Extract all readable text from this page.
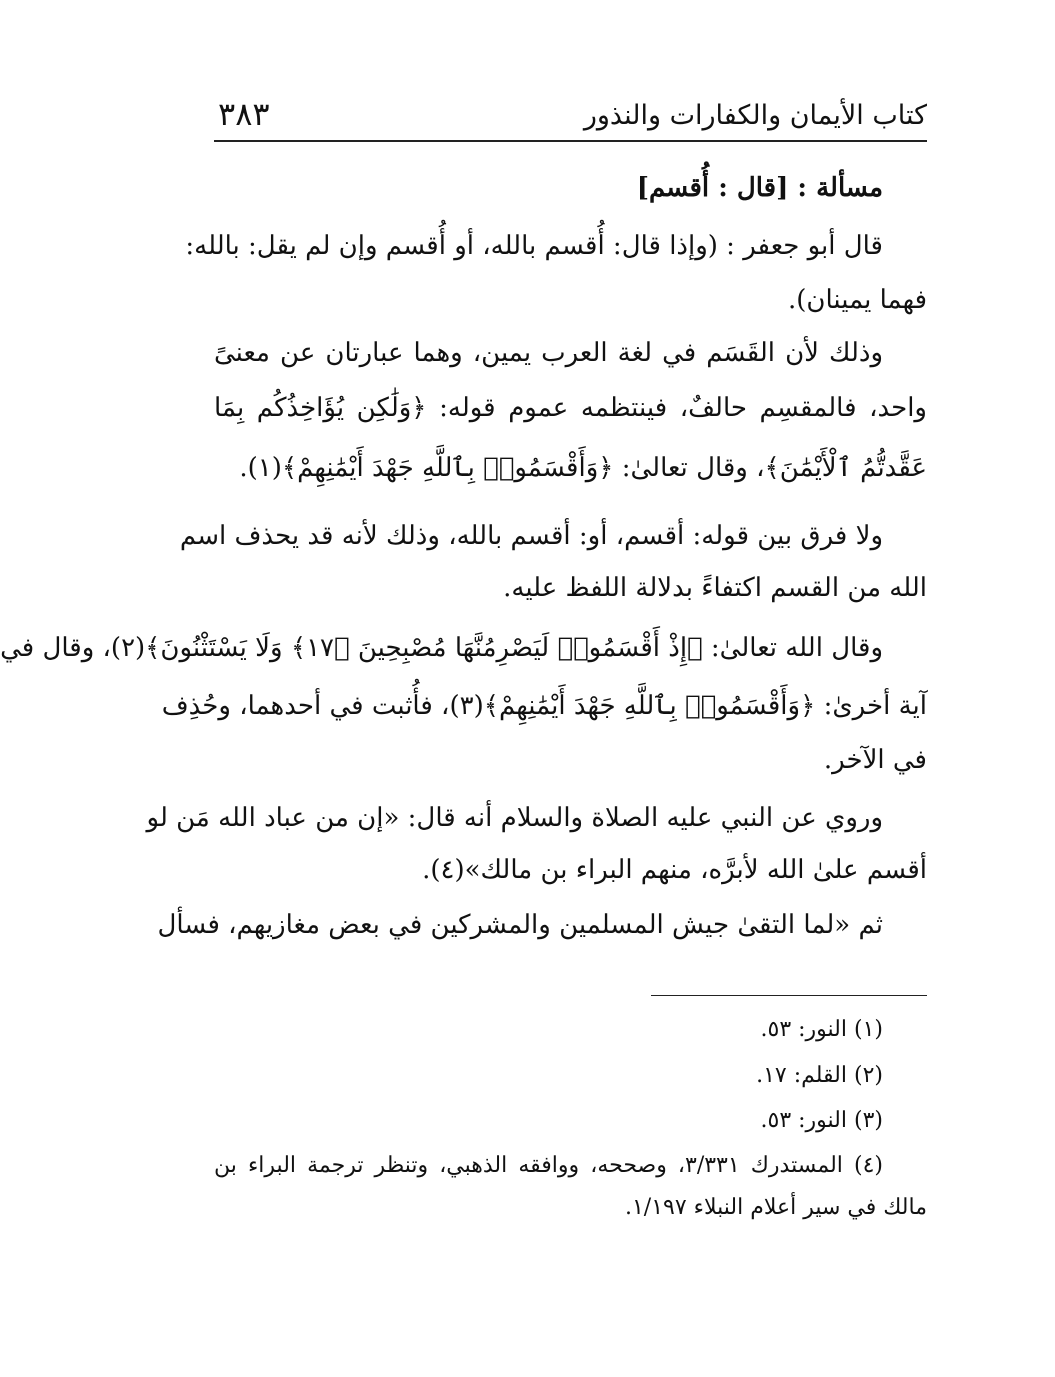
كتاب الأيمان والكفارات والنذور
٣٨٣
مسألة : [قال : أُقسم]
قال أبو جعفر : (وإذا قال: أُقسم بالله، أو أُقسم وإن لم يقل: بالله:
فهما يمينان).
وذلك لأن القَسَم في لغة العرب يمين، وهما عبارتان عن معنىً
واحد، فالمقسِم حالفٌ، فينتظمه عموم قوله: ﴿وَلَٰكِن يُؤَاخِذُكُم بِمَا
عَقَّدتُّمُ ٱلْأَيْمَٰنَ﴾، وقال تعالىٰ: ﴿وَأَقْسَمُوا۟ بِٱللَّهِ جَهْدَ أَيْمَٰنِهِمْ﴾(١).
ولا فرق بين قوله: أقسم، أو: أقسم بالله، وذلك لأنه قد يحذف اسم
الله من القسم اكتفاءً بدلالة اللفظ عليه.
وقال الله تعالىٰ: ﴿إِذْ أَقْسَمُوا۟ لَيَصْرِمُنَّهَا مُصْبِحِينَ ﴿١٧﴾ وَلَا يَسْتَثْنُونَ﴾(٢)، وقال في
آية أخرىٰ: ﴿وَأَقْسَمُوا۟ بِٱللَّهِ جَهْدَ أَيْمَٰنِهِمْ﴾(٣)، فأُثبت في أحدهما، وحُذِف
في الآخر.
وروي عن النبي عليه الصلاة والسلام أنه قال: «إن من عباد الله مَن لو
أقسم علىٰ الله لأبرَّه، منهم البراء بن مالك»(٤).
ثم «لما التقىٰ جيش المسلمين والمشركين في بعض مغازيهم، فسأل
(١) النور: ٥٣.
(٢) القلم: ١٧.
(٣) النور: ٥٣.
(٤) المستدرك ٣/٣٣١، وصححه، ووافقه الذهبي، وتنظر ترجمة البراء بن
مالك في سير أعلام النبلاء ١/١٩٧.
